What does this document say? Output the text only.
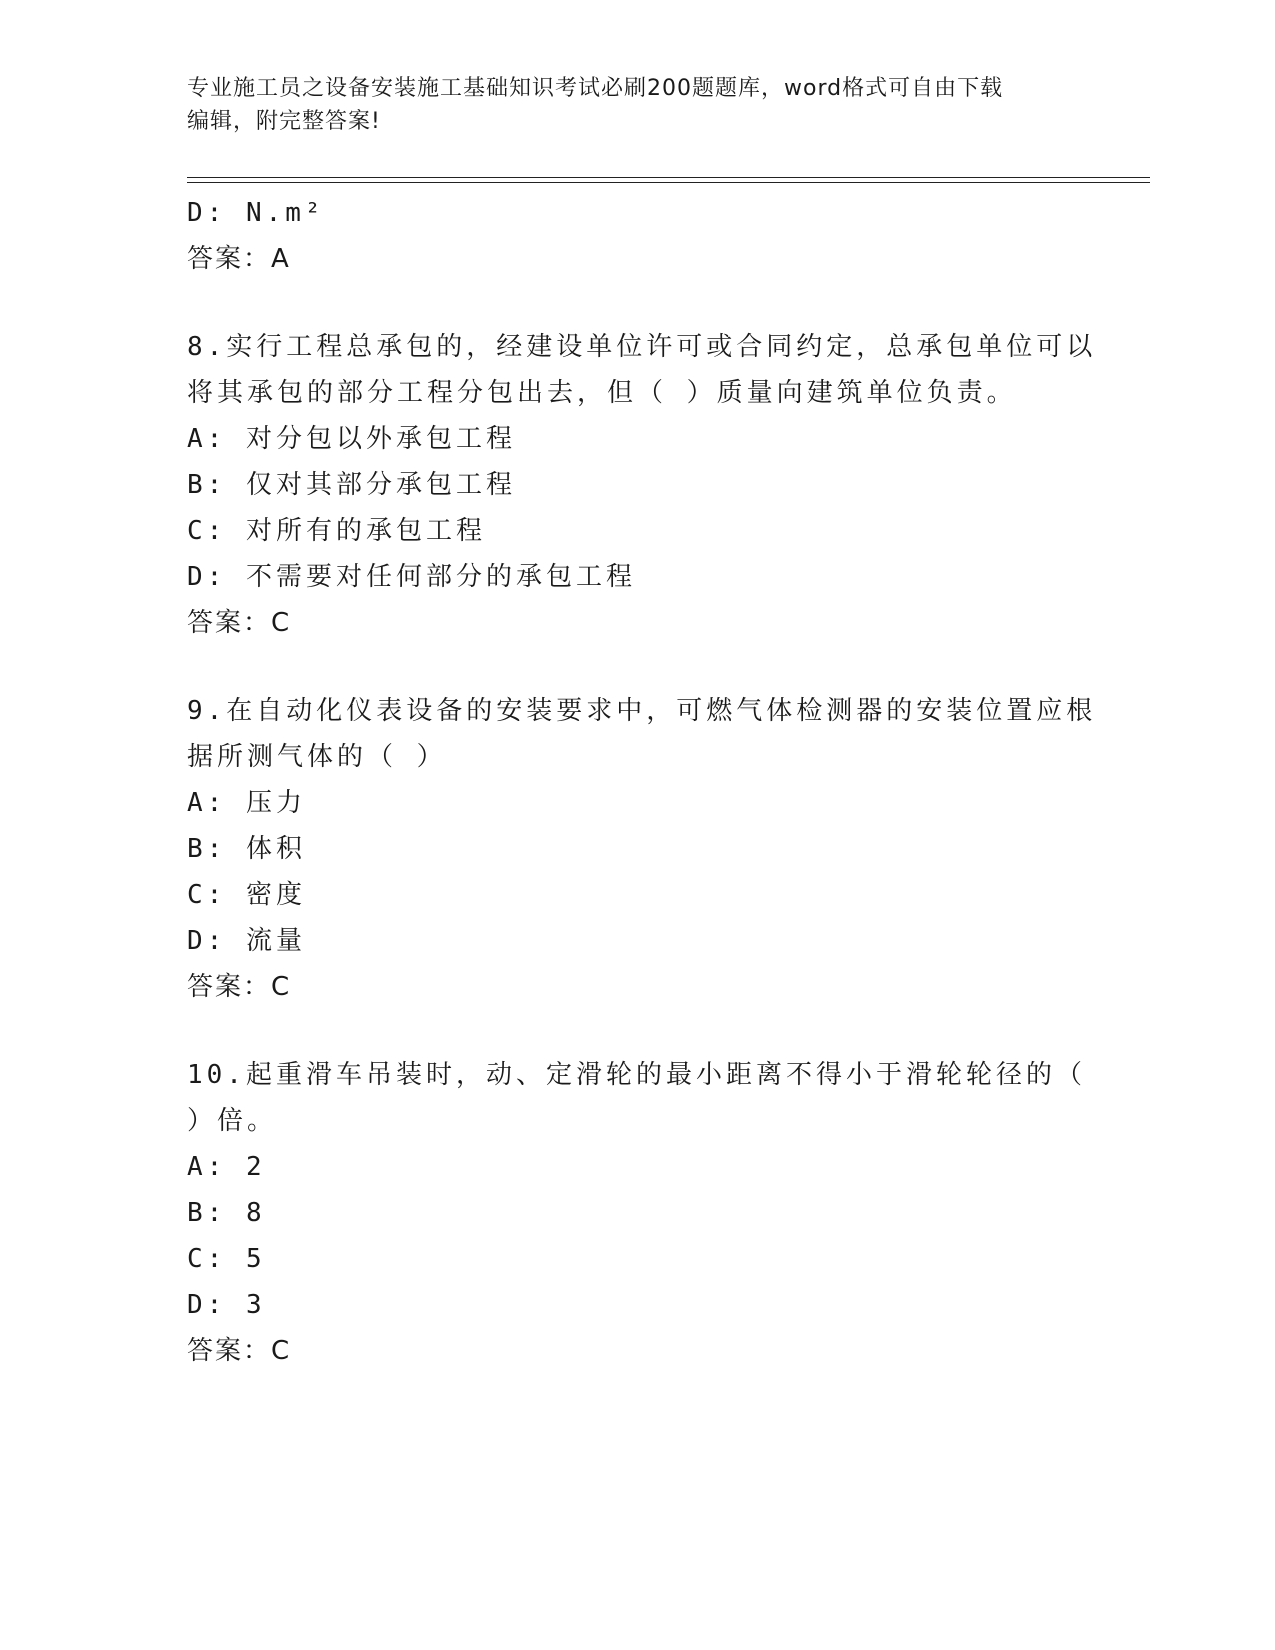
专业施工员之设备安装施工基础知识考试必刷200题题库，word格式可自由下载
编辑，附完整答案!
D: N.m²
答案：A
8.实行工程总承包的，经建设单位许可或合同约定，总承包单位可以
将其承包的部分工程分包出去，但（ ）质量向建筑单位负责。
A: 对分包以外承包工程
B: 仅对其部分承包工程
C: 对所有的承包工程
D: 不需要对任何部分的承包工程
答案：C
9.在自动化仪表设备的安装要求中，可燃气体检测器的安装位置应根
据所测气体的（ ）
A: 压力
B: 体积
C: 密度
D: 流量
答案：C
10.起重滑车吊装时，动、定滑轮的最小距离不得小于滑轮轮径的（
）倍。
A: 2
B: 8
C: 5
D: 3
答案：C
